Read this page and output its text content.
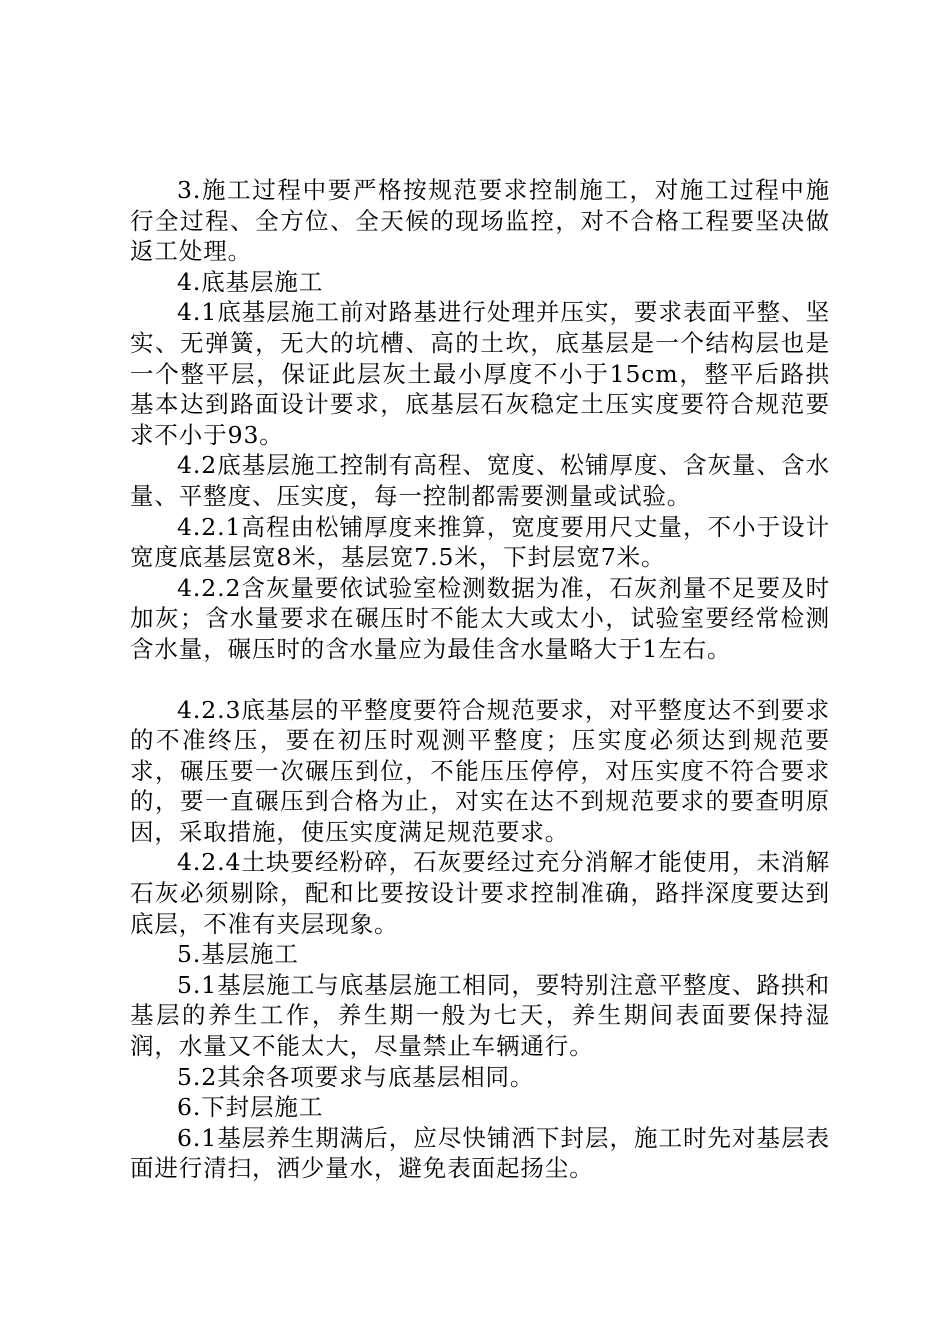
3.施工过程中要严格按规范要求控制施工，对施工过程中施行全过程、全方位、全天候的现场监控，对不合格工程要坚决做返工处理。

4.底基层施工

4.1底基层施工前对路基进行处理并压实，要求表面平整、坚实、无弹簧，无大的坑槽、高的土坎，底基层是一个结构层也是一个整平层，保证此层灰土最小厚度不小于15cm，整平后路拱基本达到路面设计要求，底基层石灰稳定土压实度要符合规范要求不小于93。

4.2底基层施工控制有高程、宽度、松铺厚度、含灰量、含水量、平整度、压实度，每一控制都需要测量或试验。

4.2.1高程由松铺厚度来推算，宽度要用尺丈量，不小于设计宽度底基层宽8米，基层宽7.5米，下封层宽7米。

4.2.2含灰量要依试验室检测数据为准，石灰剂量不足要及时加灰；含水量要求在碾压时不能太大或太小，试验室要经常检测含水量，碾压时的含水量应为最佳含水量略大于1左右。

4.2.3底基层的平整度要符合规范要求，对平整度达不到要求的不准终压，要在初压时观测平整度；压实度必须达到规范要求，碾压要一次碾压到位，不能压压停停，对压实度不符合要求的，要一直碾压到合格为止，对实在达不到规范要求的要查明原因，采取措施，使压实度满足规范要求。

4.2.4土块要经粉碎，石灰要经过充分消解才能使用，未消解石灰必须剔除，配和比要按设计要求控制准确，路拌深度要达到底层，不准有夹层现象。

5.基层施工

5.1基层施工与底基层施工相同，要特别注意平整度、路拱和基层的养生工作，养生期一般为七天，养生期间表面要保持湿润，水量又不能太大，尽量禁止车辆通行。

5.2其余各项要求与底基层相同。

6.下封层施工

6.1基层养生期满后，应尽快铺洒下封层，施工时先对基层表面进行清扫，洒少量水，避免表面起扬尘。
